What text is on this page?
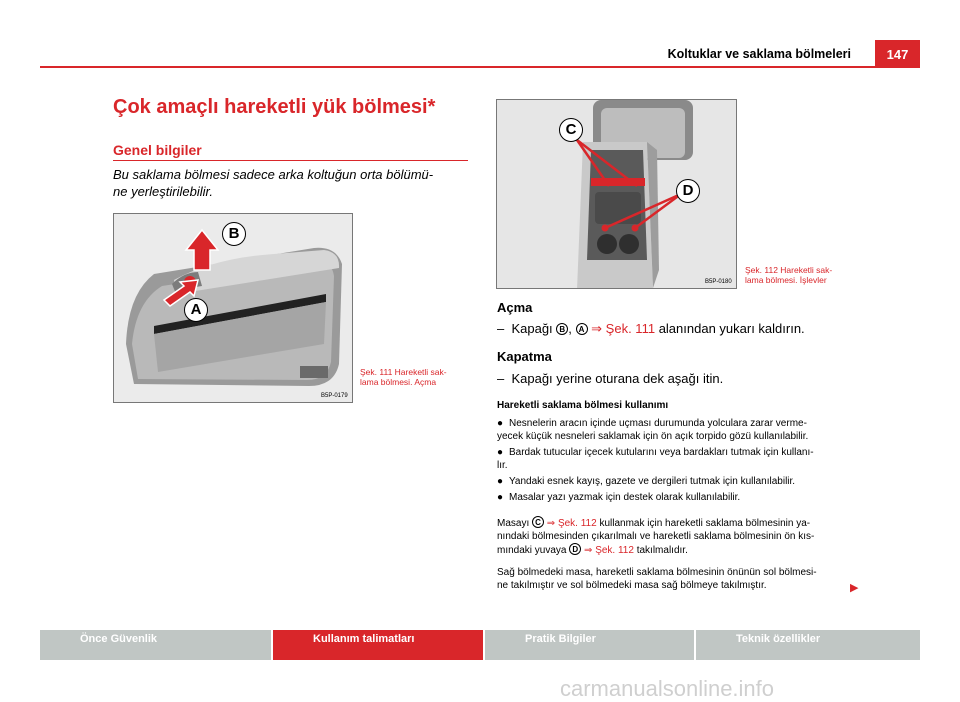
Koltuklar ve saklama bölmeleri	147
Çok amaçlı hareketli yük bölmesi*
Genel bilgiler
Bu saklama bölmesi sadece arka koltuğun orta bölümü-
ne yerleştirilebilir.
B
A
B5P-0179
Şek. 111 Hareketli sak-
lama bölmesi. Açma
C
D
B5P-0180
Şek. 112 Hareketli sak-
lama bölmesi. İşlevler
Açma
– Kapağı B , A ⇒ Şek. 111 alanından yukarı kaldırın.
Kapatma
– Kapağı yerine oturana dek aşağı itin.
Hareketli saklama bölmesi kullanımı
● Nesnelerin aracın içinde uçması durumunda yolculara zarar verme-
yecek küçük nesneleri saklamak için ön açık torpido gözü kullanılabilir.
● Bardak tutucular içecek kutularını veya bardakları tutmak için kullanı-
lır.
● Yandaki esnek kayış, gazete ve dergileri tutmak için kullanılabilir.
● Masalar yazı yazmak için destek olarak kullanılabilir.
Masayı C ⇒ Şek. 112 kullanmak için hareketli saklama bölmesinin ya-
nındaki bölmesinden çıkarılmalı ve hareketli saklama bölmesinin ön kıs-
mındaki yuvaya D ⇒ Şek. 112 takılmalıdır.
Sağ bölmedeki masa, hareketli saklama bölmesinin önünün sol bölmesi-
ne takılmıştır ve sol bölmedeki masa sağ bölmeye takılmıştır.	▶
Önce Güvenlik	Kullanım talimatları	Pratik Bilgiler	Teknik özellikler
carmanualsonline.info
